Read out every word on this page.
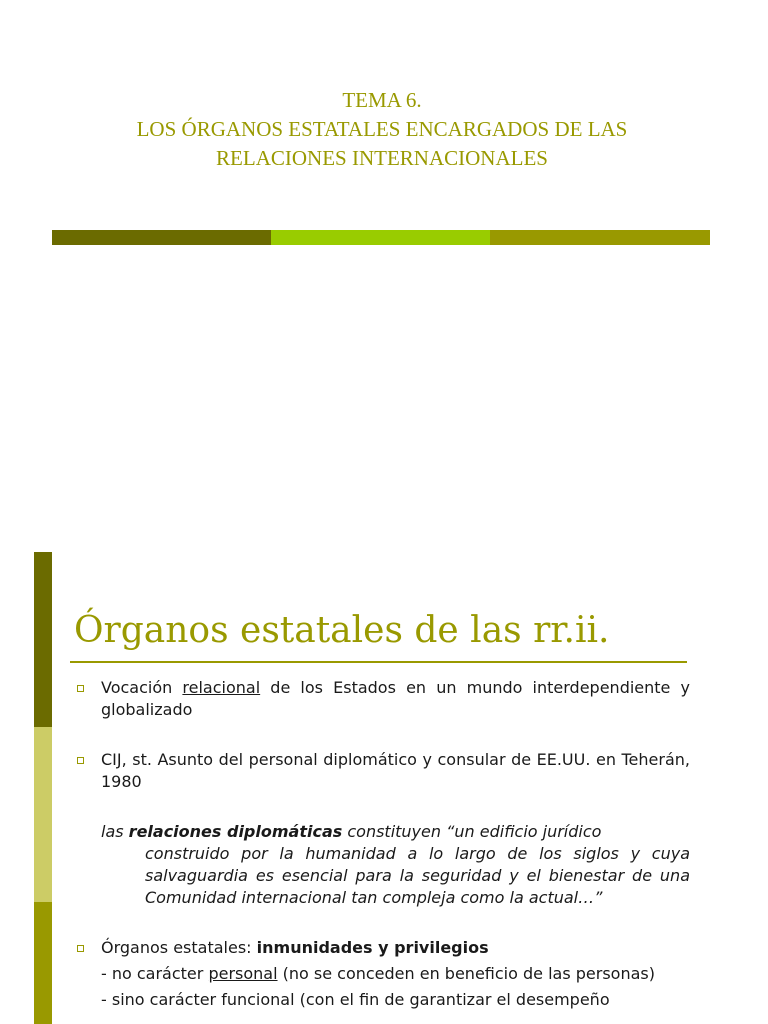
TEMA 6.
LOS ÓRGANOS ESTATALES ENCARGADOS DE LAS
RELACIONES INTERNACIONALES
Órganos estatales de las rr.ii.
Vocación relacional de los Estados en un mundo interdependiente y globalizado
CIJ, st. Asunto del personal diplomático y consular de EE.UU. en Teherán, 1980
las relaciones diplomáticas constituyen “un edificio jurídico
construido por la humanidad a lo largo de los siglos y cuya salvaguardia es esencial para la seguridad y el bienestar de una Comunidad internacional tan compleja como la actual…”
Órganos estatales: inmunidades y privilegios
- no carácter personal (no se conceden en beneficio de las personas)
- sino carácter funcional (con el fin de garantizar el desempeño
